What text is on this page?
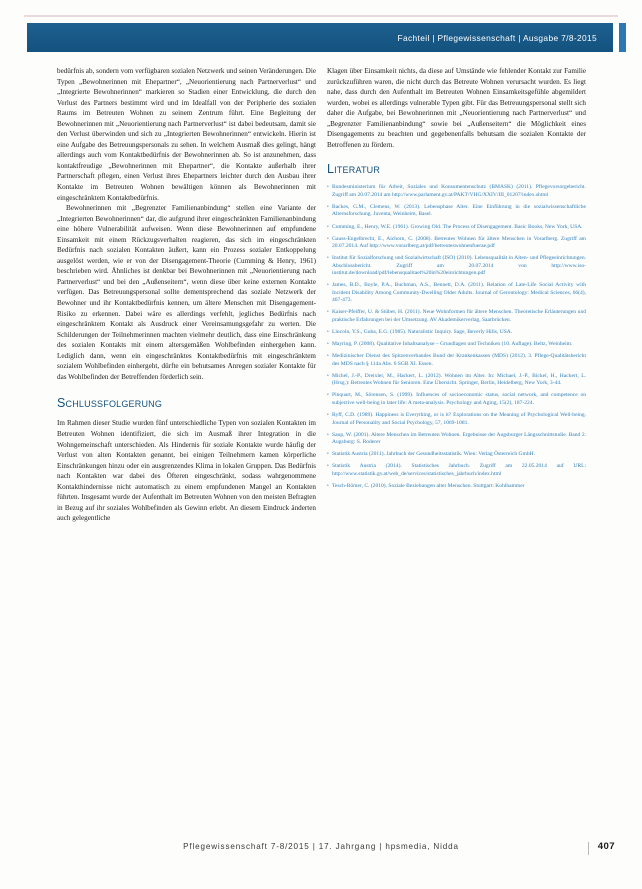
Fachteil | Pflegewissenschaft | Ausgabe 7/8-2015

bedürfnis ab, sondern vom verfügbaren sozialen Netzwerk und seinen Veränderungen. Die Typen „Bewohnerinnen mit Ehepartner“, „Neuorientierung nach Partnerverlust“ und „Integrierte Bewohnerinnen“ markieren so Stadien einer Entwicklung, die durch den Verlust des Partners bestimmt wird und im Idealfall von der Peripherie des sozialen Raums im Betreuten Wohnen zu seinem Zentrum führt. Eine Begleitung der Bewohnerinnen mit „Neuorientierung nach Partnerverlust“ ist dabei bedeutsam, damit sie den Verlust überwinden und sich zu „Integrierten Bewohnerinnen“ entwickeln. Hierin ist eine Aufgabe des Betreuungspersonals zu sehen. In welchem Ausmaß dies gelingt, hängt allerdings auch vom Kontaktbedürfnis der Bewohnerinnen ab. So ist anzunehmen, dass kontaktfreudige „Bewohnerinnen mit Ehepartner“, die Kontakte außerhalb ihrer Partnerschaft pflegen, einen Verlust ihres Ehepartners leichter durch den Ausbau ihrer Kontakte im Betreuten Wohnen bewältigen können als Bewohnerinnen mit eingeschränktem Kontaktbedürfnis.

Bewohnerinnen mit „Begrenzter Familienanbindung“ stellen eine Variante der „Integrierten Bewohnerinnen“ dar, die aufgrund ihrer eingeschränkten Familienanbindung eine höhere Vulnerabilität aufweisen. Wenn diese Bewohnerinnen auf empfundene Einsamkeit mit einem Rückzugsverhalten reagieren, das sich im eingeschränkten Bedürfnis nach sozialen Kontakten äußert, kann ein Prozess sozialer Entkoppelung ausgelöst werden, wie er von der Disengagement-Theorie (Cumming & Henry, 1961) beschrieben wird. Ähnliches ist denkbar bei Bewohnerinnen mit „Neuorientierung nach Partnerverlust“ und bei den „Außenseitern“, wenn diese über keine externen Kontakte verfügen. Das Betreuungspersonal sollte dementsprechend das soziale Netzwerk der Bewohner und ihr Kontaktbedürfnis kennen, um ältere Menschen mit Disengagement-Risiko zu erkennen. Dabei wäre es allerdings verfehlt, jegliches Bedürfnis nach eingeschränktem Kontakt als Ausdruck einer Vereinsamungsgefahr zu werten. Die Schilderungen der Teilnehmerinnen machten vielmehr deutlich, dass eine Einschränkung des sozialen Kontakts mit einem altersgemäßen Wohlbefinden einhergehen kann. Lediglich dann, wenn ein eingeschränktes Kontaktbedürfnis mit eingeschränktem sozialem Wohlbefinden einhergeht, dürfte ein behutsames Anregen sozialer Kontakte für das Wohlbefinden der Betreffenden förderlich sein.

Schlussfolgerung

Im Rahmen dieser Studie wurden fünf unterschiedliche Typen von sozialen Kontakten im Betreuten Wohnen identifiziert, die sich im Ausmaß ihrer Integration in die Wohngemeinschaft unterschieden. Als Hindernis für soziale Kontakte wurde häufig der Verlust von alten Kontakten genannt, bei einigen Teilnehmern kamen körperliche Einschränkungen hinzu oder ein ausgrenzendes Klima in lokalen Gruppen. Das Bedürfnis nach Kontakten war dabei des Öfteren eingeschränkt, sodass wahrgenommene Kontakthindernisse nicht automatisch zu einem empfundenen Mangel an Kontakten führten. Insgesamt wurde der Aufenthalt im Betreuten Wohnen von den meisten Befragten in Bezug auf ihr soziales Wohlbefinden als Gewinn erlebt. An diesem Eindruck änderten auch gelegentliche

Klagen über Einsamkeit nichts, da diese auf Umstände wie fehlender Kontakt zur Familie zurückzuführen waren, die nicht durch das Betreute Wohnen verursacht wurden. Es liegt nahe, dass durch den Aufenthalt im Betreuten Wohnen Einsamkeitsgefühle abgemildert wurden, wobei es allerdings vulnerable Typen gibt. Für das Betreuungspersonal stellt sich daher die Aufgabe, bei Bewohnerinnen mit „Neuorientierung nach Partnerverlust“ und „Begrenzter Familienanbindung“ sowie bei „Außenseitern“ die Möglichkeit eines Disengagements zu beachten und gegebenenfalls behutsam die sozialen Kontakte der Betroffenen zu fördern.

Literatur
• Bundesministerium für Arbeit, Soziales und Konsumentenschutz (BMASK) (2011). Pflegevorsorgebericht. Zugriff am 20.07.2014 am http://www.parlament.gv.at/PAKT/VHG/XXIV/III_01207/index.shtml
• Backes, G.M., Clemens, W. (2013). Lebensphase Alter. Eine Einführung in die sozialwissenschaftliche Alternsforschung. Juventa, Weinheim, Basel.
• Cumming, E., Henry, W.E. (1961). Growing Old. The Process of Disengagement. Basic Books, New York, USA.
• Gauss-Engelbrecht, E., Aichorn, C. (2008). Betreutes Wohnen für ältere Menschen in Vorarlberg. Zugriff am 20.07.2014. Auf http://www.vorarlberg.at/pdf/betreuteswohnenfuerae.pdf
• Institut für Sozialforschung und Sozialwirtschaft (ISO) (2010). Lebensqualität in Alten- und Pflegeeinrichtungen. Abschlussbericht. Zugriff am 20.07.2014 von http://www.iso-institut.de/download/pdf/lebensqualitaet%20in%20einrichtungen.pdf
• James, B.D., Boyle, P.A., Buchman, A.S., Bennett, D.A. (2011). Relation of Late-Life Social Activity with Incident Disability Among Community-Dwelling Older Adults. Journal of Gerontology: Medical Sciences, 66(4), 467-473.
• Kaiser-Pfeiffer, U. & Stüber, H. (2011). Neue Wohnformen für ältere Menschen. Theoretische Erläuterungen und praktische Erfahrungen bei der Umsetzung. AV Akademikerverlag, Saarbrücken.
• Lincoln, Y.S., Guba, E.G. (1985). Naturalistic Inquiry. Sage, Beverly Hills, USA.
• Mayring, P. (2008). Qualitative Inhaltsanalyse – Grundlagen und Techniken (10. Auflage). Beltz, Weinheim.
• Medizinischer Dienst des Spitzenverbandes Bund der Krankenkassen (MDS) (2012). 3. Pflege-Qualitätsbericht des MDS nach § 114a Abs. 6 SGB XI. Essen.
• Michel, J.-P., Dreixler, M., Hackert, L. (2012). Wohnen im Alter. In: Michael, J.-P., Bickel, H., Hackert, L. (Hrsg.): Betreutes Wohnen für Senioren. Eine Übersicht. Springer, Berlin, Heidelberg, New York, 3-44.
• Pinquart, M., Sörensen, S. (1999). Influences of socioeconomic status, social network, and competence on subjective well-being in later life: A meta-analysis. Psychology and Aging, 15(2), 187-224.
• Ryff, C.D. (1989). Happiness is Everything, or is it? Explorations on the Meaning of Psychological Well-being. Journal of Personality and Social Psychology, 57, 1069-1081.
• Saup, W. (2001). Altere Menschen im Betreuten Wohnen. Ergebnisse der Augsburger Längsschnittstudie. Band 2. Augsburg: S. Roderer
• Statistik Austria (2011). Jahrbuch der Gesundheitsstatistik. Wien: Verlag Österreich GmbH.
• Statistik Austria (2014). Statistisches Jahrbuch. Zugriff am 22.05.2014 auf URL: http://www.statistik.gv.at/web_de/services/statistisches_jahrbuch/index.html
• Tesch-Römer, C. (2010). Soziale Beziehungen alter Menschen. Stuttgart: Kohlhammer
Pflegewissenschaft 7-8/2015 | 17. Jahrgang | hpsmedia, Nidda	407
